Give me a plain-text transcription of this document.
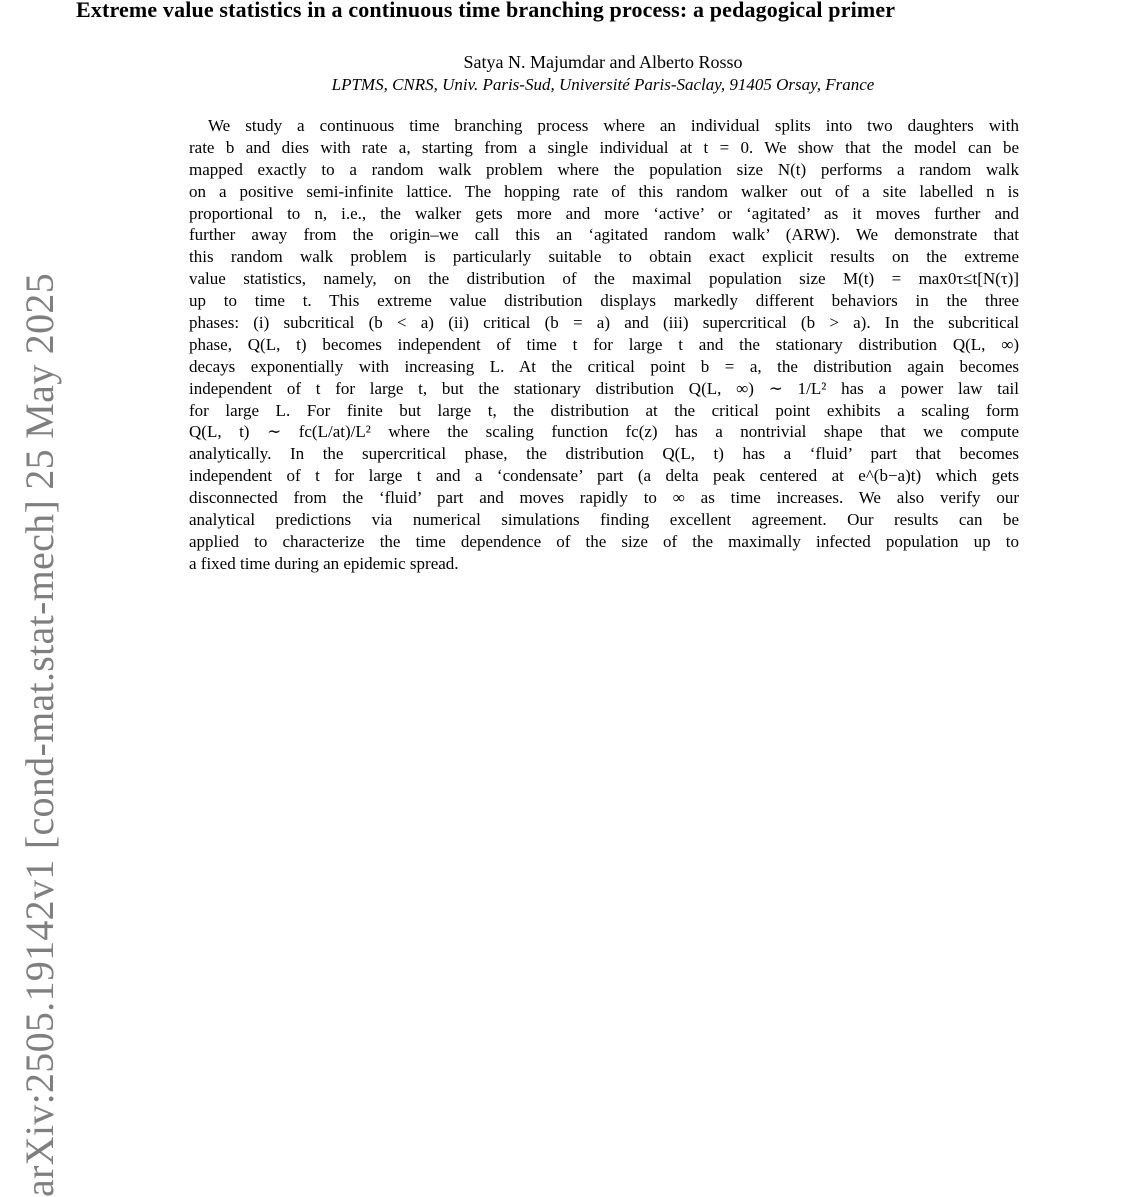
arXiv:2505.19142v1 [cond-mat.stat-mech] 25 May 2025
Extreme value statistics in a continuous time branching process: a pedagogical primer
Satya N. Majumdar and Alberto Rosso
LPTMS, CNRS, Univ. Paris-Sud, Université Paris-Saclay, 91405 Orsay, France
We study a continuous time branching process where an individual splits into two daughters with
rate b and dies with rate a, starting from a single individual at t = 0. We show that the model can be
mapped exactly to a random walk problem where the population size N(t) performs a random walk
on a positive semi-infinite lattice. The hopping rate of this random walker out of a site labelled n is
proportional to n, i.e., the walker gets more and more ‘active’ or ‘agitated’ as it moves further and
further away from the origin–we call this an ‘agitated random walk’ (ARW). We demonstrate that
this random walk problem is particularly suitable to obtain exact explicit results on the extreme
value statistics, namely, on the distribution of the maximal population size M(t) = max0τ≤t[N(τ)]
up to time t. This extreme value distribution displays markedly different behaviors in the three
phases: (i) subcritical (b < a) (ii) critical (b = a) and (iii) supercritical (b > a). In the subcritical
phase, Q(L, t) becomes independent of time t for large t and the stationary distribution Q(L, ∞)
decays exponentially with increasing L. At the critical point b = a, the distribution again becomes
independent of t for large t, but the stationary distribution Q(L, ∞) ∼ 1/L² has a power law tail
for large L. For finite but large t, the distribution at the critical point exhibits a scaling form
Q(L, t) ∼ fc(L/at)/L² where the scaling function fc(z) has a nontrivial shape that we compute
analytically. In the supercritical phase, the distribution Q(L, t) has a ‘fluid’ part that becomes
independent of t for large t and a ‘condensate’ part (a delta peak centered at e^(b−a)t) which gets
disconnected from the ‘fluid’ part and moves rapidly to ∞ as time increases. We also verify our
analytical predictions via numerical simulations finding excellent agreement. Our results can be
applied to characterize the time dependence of the size of the maximally infected population up to
a fixed time during an epidemic spread.
